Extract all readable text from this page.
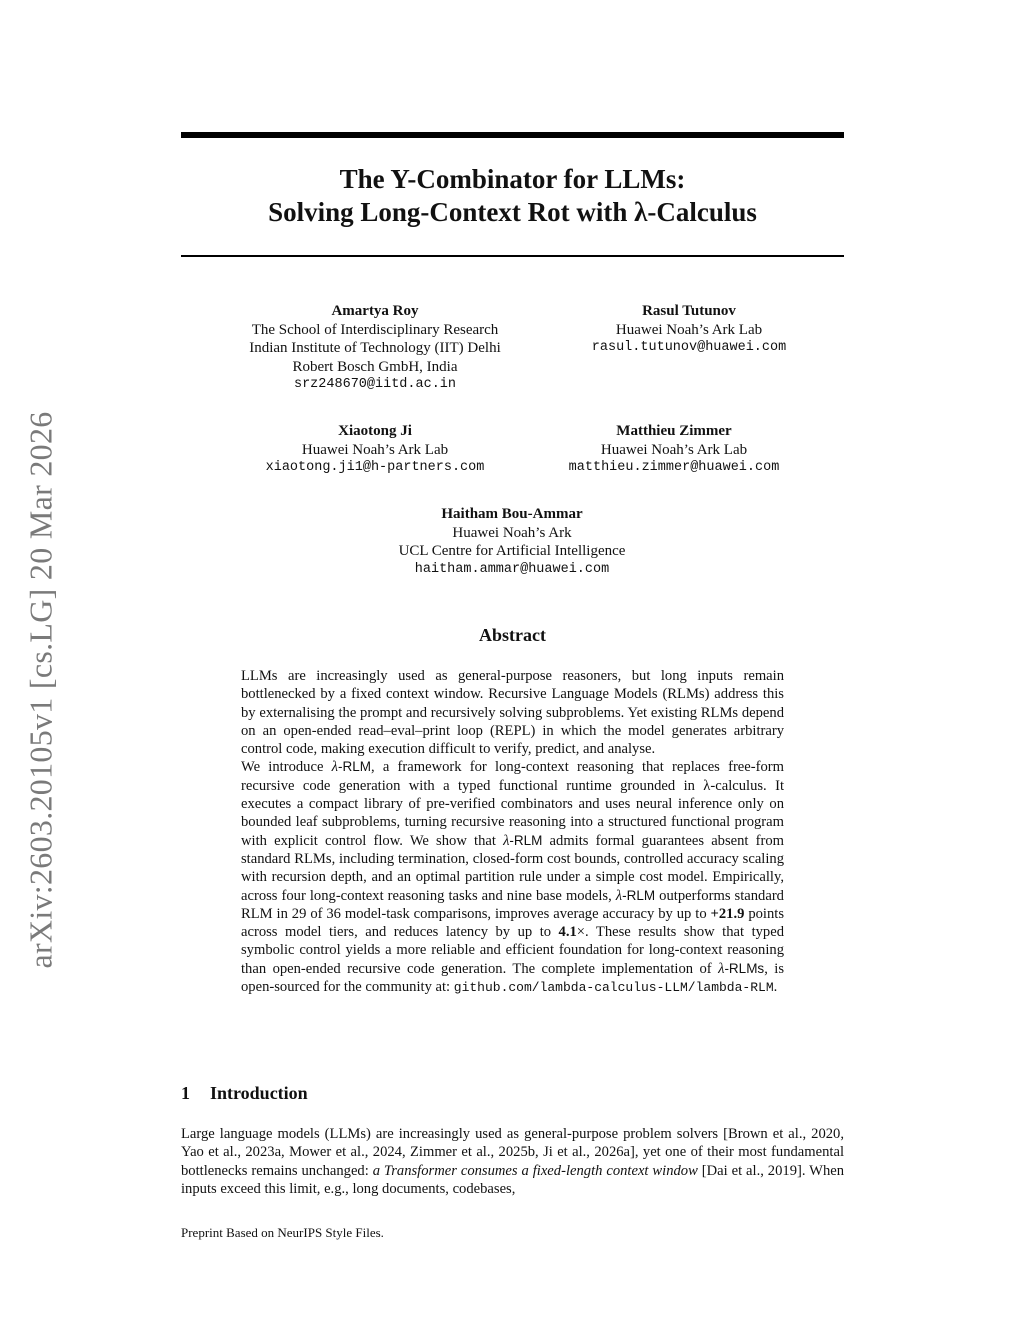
arXiv:2603.20105v1 [cs.LG] 20 Mar 2026
The Y-Combinator for LLMs:
Solving Long-Context Rot with λ-Calculus
Amartya Roy
The School of Interdisciplinary Research
Indian Institute of Technology (IIT) Delhi
Robert Bosch GmbH, India
srz248670@iitd.ac.in
Rasul Tutunov
Huawei Noah’s Ark Lab
rasul.tutunov@huawei.com
Xiaotong Ji
Huawei Noah’s Ark Lab
xiaotong.ji1@h-partners.com
Matthieu Zimmer
Huawei Noah’s Ark Lab
matthieu.zimmer@huawei.com
Haitham Bou-Ammar
Huawei Noah’s Ark
UCL Centre for Artificial Intelligence
haitham.ammar@huawei.com
Abstract

LLMs are increasingly used as general-purpose reasoners, but long inputs remain bottlenecked by a fixed context window. Recursive Language Models (RLMs) address this by externalising the prompt and recursively solving subproblems. Yet existing RLMs depend on an open-ended read–eval–print loop (REPL) in which the model generates arbitrary control code, making execution difficult to verify, predict, and analyse.

We introduce λ-RLM, a framework for long-context reasoning that replaces free-form recursive code generation with a typed functional runtime grounded in λ-calculus. It executes a compact library of pre-verified combinators and uses neural inference only on bounded leaf subproblems, turning recursive reasoning into a structured functional program with explicit control flow. We show that λ-RLM admits formal guarantees absent from standard RLMs, including termination, closed-form cost bounds, controlled accuracy scaling with recursion depth, and an optimal partition rule under a simple cost model. Empirically, across four long-context reasoning tasks and nine base models, λ-RLM outperforms standard RLM in 29 of 36 model-task comparisons, improves average accuracy by up to +21.9 points across model tiers, and reduces latency by up to 4.1×. These results show that typed symbolic control yields a more reliable and efficient foundation for long-context reasoning than open-ended recursive code generation. The complete implementation of λ-RLMs, is open-sourced for the community at: github.com/lambda-calculus-LLM/lambda-RLM.

1 Introduction

Large language models (LLMs) are increasingly used as general-purpose problem solvers [Brown et al., 2020, Yao et al., 2023a, Mower et al., 2024, Zimmer et al., 2025b, Ji et al., 2026a], yet one of their most fundamental bottlenecks remains unchanged: a Transformer consumes a fixed-length context window [Dai et al., 2019]. When inputs exceed this limit, e.g., long documents, codebases,

Preprint Based on NeurIPS Style Files.
